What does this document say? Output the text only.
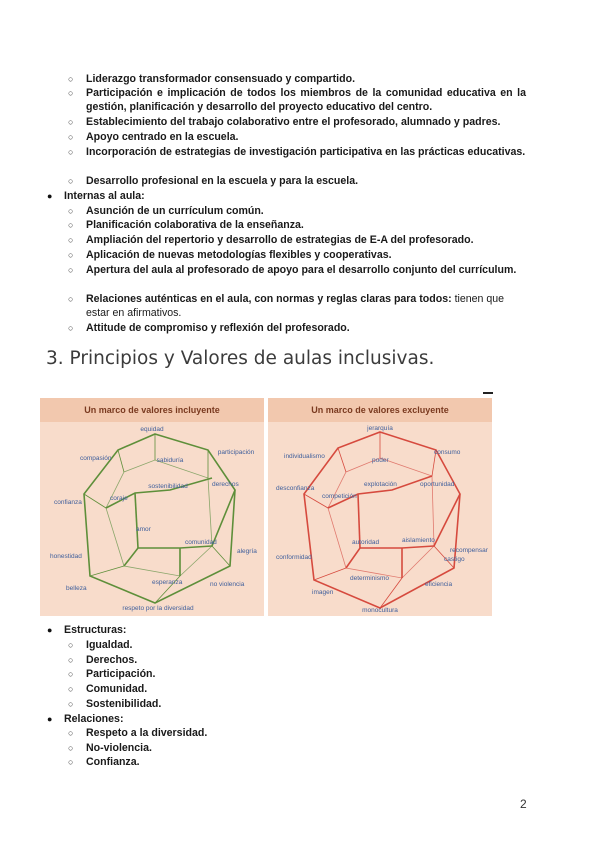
○ Liderazgo transformador consensuado y compartido.
○ Participación e implicación de todos los miembros de la comunidad educativa en la gestión, planificación y desarrollo del proyecto educativo del centro.
○ Establecimiento del trabajo colaborativo entre el profesorado, alumnado y padres.
○ Apoyo centrado en la escuela.
○ Incorporación de estrategias de investigación participativa en las prácticas educativas.
○ Desarrollo profesional en la escuela y para la escuela.
● Internas al aula:
○ Asunción de un currículum común.
○ Planificación colaborativa de la enseñanza.
○ Ampliación del repertorio y desarrollo de estrategias de E-A del profesorado.
○ Aplicación de nuevas metodologías flexibles y cooperativas.
○ Apertura del aula al profesorado de apoyo para el desarrollo conjunto del currículum.
○ Relaciones auténticas en el aula, con normas y reglas claras para todos: tienen que estar en afirmativos.
○ Attitude de compromiso y reflexión del profesorado.
3. Principios y Valores de aulas inclusivas.
Un marco de valores incluyente	Un marco de valores excluyente
equidad
participación
compasión	sabiduría
confianza
sostenibilidad	derechos
coraje
amor
comunidad
alegría
honestidad
belleza
esperanza	no violencia
respeto por la diversidad
jerarquía
individualismo
poder
consumo
desconfianza
explotación	oportunidad
competición
autoridad	aislamiento
recompensar
castigo
conformidad
determinismo
eficiencia
imagen
monocultura
● Estructuras:
○ Igualdad.
○ Derechos.
○ Participación.
○ Comunidad.
○ Sostenibilidad.
● Relaciones:
○ Respeto a la diversidad.
○ No-violencia.
○ Confianza.
2
